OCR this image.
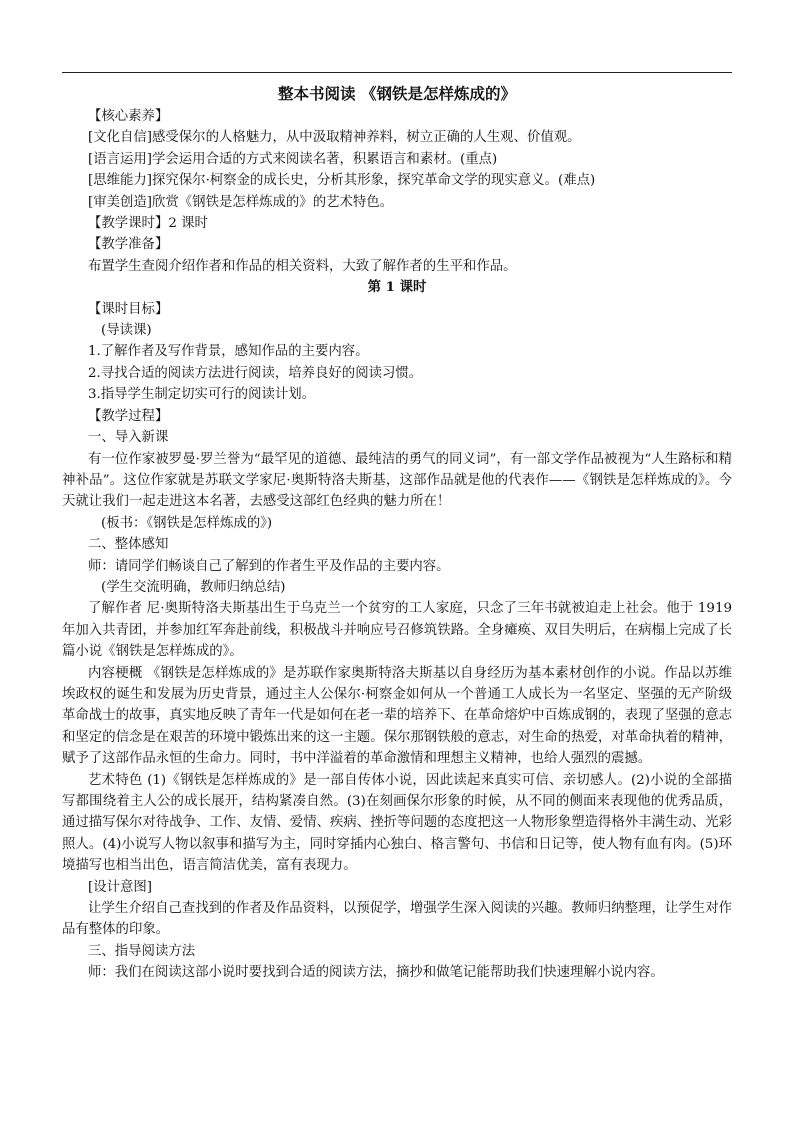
整本书阅读 《钢铁是怎样炼成的》

【核心素养】

[文化自信]感受保尔的人格魅力，从中汲取精神养料，树立正确的人生观、价值观。

[语言运用]学会运用合适的方式来阅读名著，积累语言和素材。(重点)

[思维能力]探究保尔·柯察金的成长史，分析其形象，探究革命文学的现实意义。(难点)

[审美创造]欣赏《钢铁是怎样炼成的》的艺术特色。

【教学课时】2 课时

【教学准备】

布置学生查阅介绍作者和作品的相关资料，大致了解作者的生平和作品。

第 1 课时

【课时目标】

(导读课)

1.了解作者及写作背景，感知作品的主要内容。

2.寻找合适的阅读方法进行阅读，培养良好的阅读习惯。

3.指导学生制定切实可行的阅读计划。

【教学过程】

一、导入新课

有一位作家被罗曼·罗兰誉为“最罕见的道德、最纯洁的勇气的同义词”，有一部文学作品被视为“人生路标和精神补品”。这位作家就是苏联文学家尼·奥斯特洛夫斯基，这部作品就是他的代表作——《钢铁是怎样炼成的》。今天就让我们一起走进这本名著，去感受这部红色经典的魅力所在！

(板书：《钢铁是怎样炼成的》)

二、整体感知

师：请同学们畅谈自己了解到的作者生平及作品的主要内容。

(学生交流明确，教师归纳总结)

了解作者 尼·奥斯特洛夫斯基出生于乌克兰一个贫穷的工人家庭，只念了三年书就被迫走上社会。他于 1919 年加入共青团，并参加红军奔赴前线，积极战斗并响应号召修筑铁路。全身瘫痪、双目失明后，在病榻上完成了长篇小说《钢铁是怎样炼成的》。

内容梗概 《钢铁是怎样炼成的》是苏联作家奥斯特洛夫斯基以自身经历为基本素材创作的小说。作品以苏维埃政权的诞生和发展为历史背景，通过主人公保尔·柯察金如何从一个普通工人成长为一名坚定、坚强的无产阶级革命战士的故事，真实地反映了青年一代是如何在老一辈的培养下、在革命熔炉中百炼成钢的，表现了坚强的意志和坚定的信念是在艰苦的环境中锻炼出来的这一主题。保尔那钢铁般的意志，对生命的热爱，对革命执着的精神，赋予了这部作品永恒的生命力。同时，书中洋溢着的革命激情和理想主义精神，也给人强烈的震撼。

艺术特色 (1)《钢铁是怎样炼成的》是一部自传体小说，因此读起来真实可信、亲切感人。(2)小说的全部描写都围绕着主人公的成长展开，结构紧凑自然。(3)在刻画保尔形象的时候，从不同的侧面来表现他的优秀品质，通过描写保尔对待战争、工作、友情、爱情、疾病、挫折等问题的态度把这一人物形象塑造得格外丰满生动、光彩照人。(4)小说写人物以叙事和描写为主，同时穿插内心独白、格言警句、书信和日记等，使人物有血有肉。(5)环境描写也相当出色，语言简洁优美，富有表现力。

[设计意图]

让学生介绍自己查找到的作者及作品资料，以预促学，增强学生深入阅读的兴趣。教师归纳整理，让学生对作品有整体的印象。

三、指导阅读方法

师：我们在阅读这部小说时要找到合适的阅读方法，摘抄和做笔记能帮助我们快速理解小说内容。
